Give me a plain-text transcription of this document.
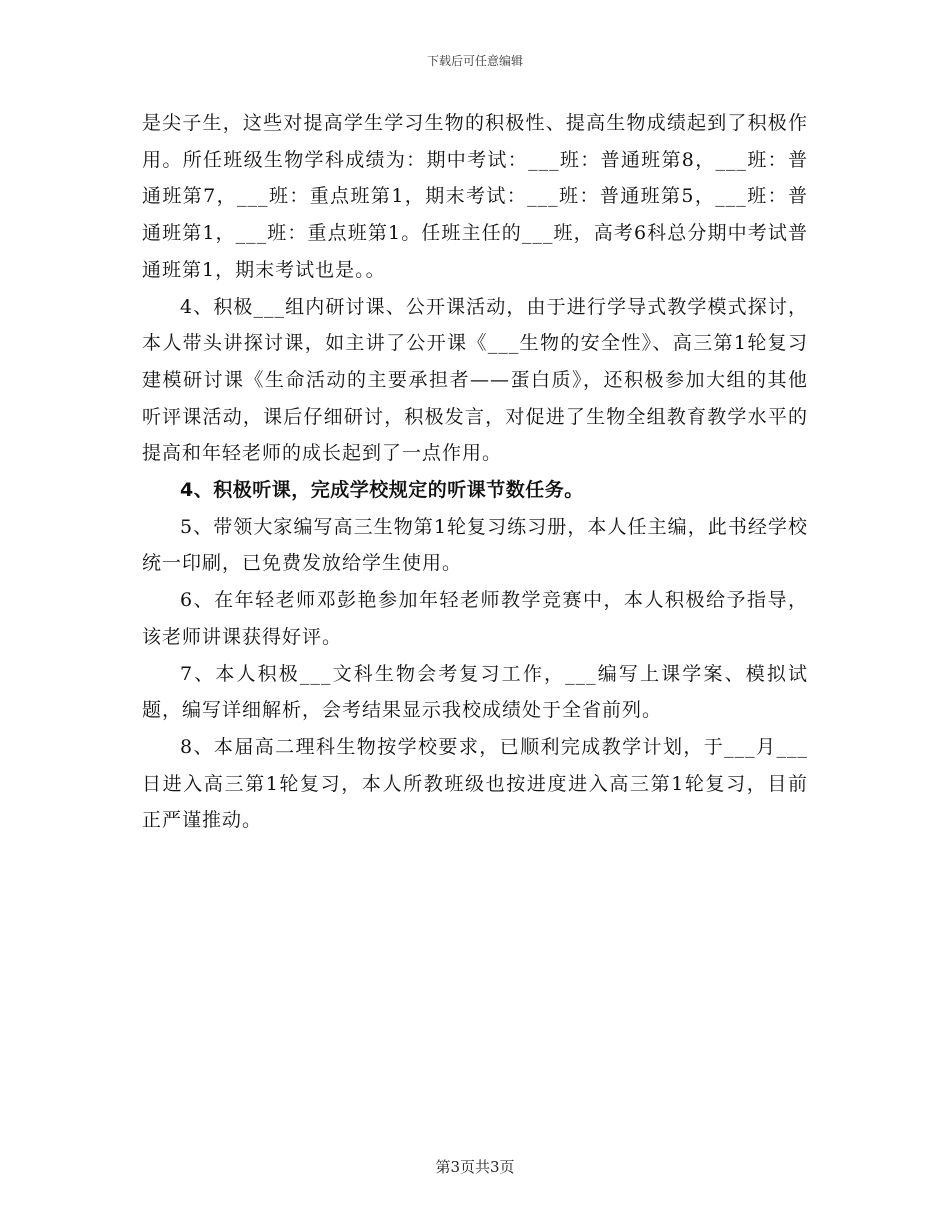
下载后可任意编辑

是尖子生，这些对提高学生学习生物的积极性、提高生物成绩起到了积极作用。所任班级生物学科成绩为：期中考试：___班：普通班第8，___班：普通班第7，___班：重点班第1，期末考试：___班：普通班第5，___班：普通班第1，___班：重点班第1。任班主任的___班，高考6科总分期中考试普通班第1，期末考试也是。。

4、积极___组内研讨课、公开课活动，由于进行学导式教学模式探讨，本人带头讲探讨课，如主讲了公开课《___生物的安全性》、高三第1轮复习建模研讨课《生命活动的主要承担者——蛋白质》，还积极参加大组的其他听评课活动，课后仔细研讨，积极发言，对促进了生物全组教育教学水平的提高和年轻老师的成长起到了一点作用。

4、积极听课，完成学校规定的听课节数任务。

5、带领大家编写高三生物第1轮复习练习册，本人任主编，此书经学校统一印刷，已免费发放给学生使用。

6、在年轻老师邓彭艳参加年轻老师教学竞赛中，本人积极给予指导，该老师讲课获得好评。

7、本人积极___文科生物会考复习工作，___编写上课学案、模拟试题，编写详细解析，会考结果显示我校成绩处于全省前列。

8、本届高二理科生物按学校要求，已顺利完成教学计划，于___月___日进入高三第1轮复习，本人所教班级也按进度进入高三第1轮复习，目前正严谨推动。

第3页共3页
